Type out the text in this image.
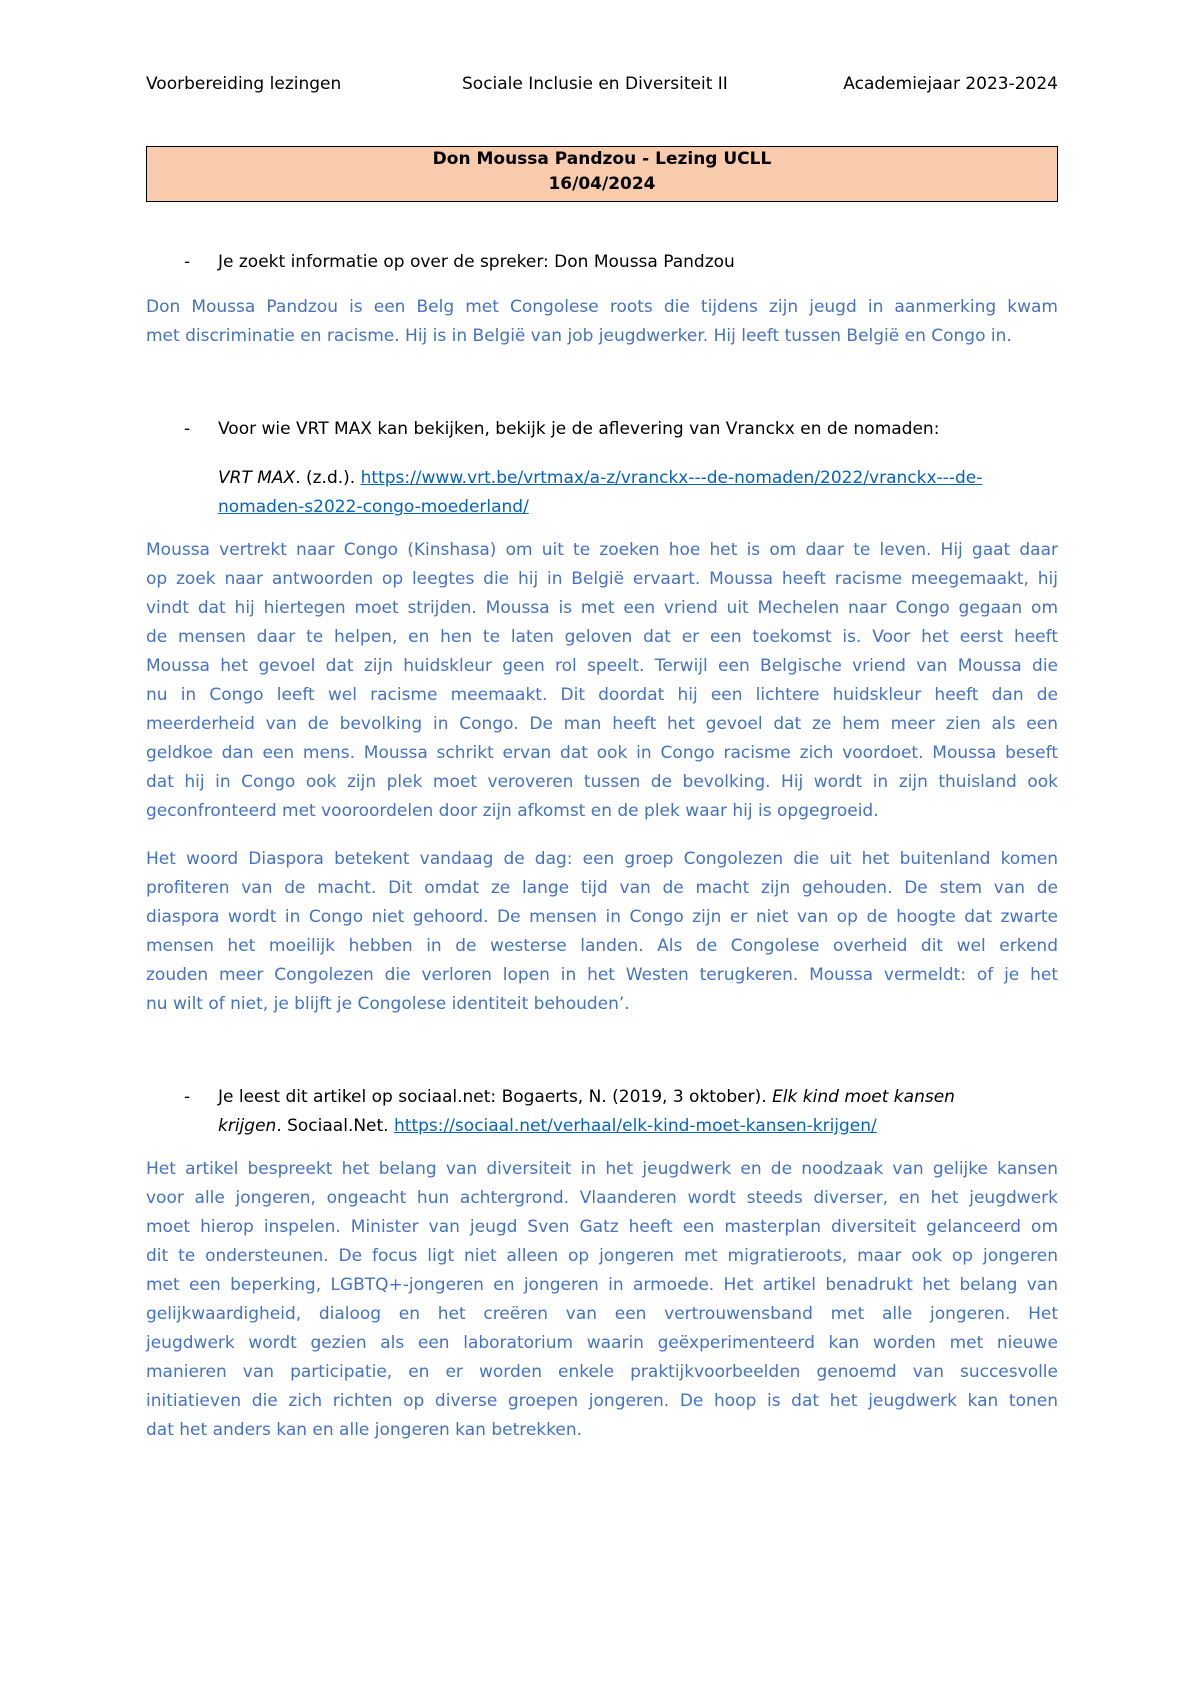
Voorbereiding lezingen	Sociale Inclusie en Diversiteit II	Academiejaar 2023-2024
Don Moussa Pandzou - Lezing UCLL
16/04/2024
- Je zoekt informatie op over de spreker: Don Moussa Pandzou
Don Moussa Pandzou is een Belg met Congolese roots die tijdens zijn jeugd in aanmerking kwam
met discriminatie en racisme. Hij is in België van job jeugdwerker. Hij leeft tussen België en Congo in.
- Voor wie VRT MAX kan bekijken, bekijk je de aflevering van Vranckx en de nomaden:
VRT MAX. (z.d.). https://www.vrt.be/vrtmax/a-z/vranckx---de-nomaden/2022/vranckx---de-
nomaden-s2022-congo-moederland/
Moussa vertrekt naar Congo (Kinshasa) om uit te zoeken hoe het is om daar te leven. Hij gaat daar
op zoek naar antwoorden op leegtes die hij in België ervaart. Moussa heeft racisme meegemaakt, hij
vindt dat hij hiertegen moet strijden. Moussa is met een vriend uit Mechelen naar Congo gegaan om
de mensen daar te helpen, en hen te laten geloven dat er een toekomst is. Voor het eerst heeft
Moussa het gevoel dat zijn huidskleur geen rol speelt. Terwijl een Belgische vriend van Moussa die
nu in Congo leeft wel racisme meemaakt. Dit doordat hij een lichtere huidskleur heeft dan de
meerderheid van de bevolking in Congo. De man heeft het gevoel dat ze hem meer zien als een
geldkoe dan een mens. Moussa schrikt ervan dat ook in Congo racisme zich voordoet. Moussa beseft
dat hij in Congo ook zijn plek moet veroveren tussen de bevolking. Hij wordt in zijn thuisland ook
geconfronteerd met vooroordelen door zijn afkomst en de plek waar hij is opgegroeid.
Het woord Diaspora betekent vandaag de dag: een groep Congolezen die uit het buitenland komen
profiteren van de macht. Dit omdat ze lange tijd van de macht zijn gehouden. De stem van de
diaspora wordt in Congo niet gehoord. De mensen in Congo zijn er niet van op de hoogte dat zwarte
mensen het moeilijk hebben in de westerse landen. Als de Congolese overheid dit wel erkend
zouden meer Congolezen die verloren lopen in het Westen terugkeren. Moussa vermeldt: of je het
nu wilt of niet, je blijft je Congolese identiteit behouden’.
- Je leest dit artikel op sociaal.net: Bogaerts, N. (2019, 3 oktober). Elk kind moet kansen
krijgen. Sociaal.Net. https://sociaal.net/verhaal/elk-kind-moet-kansen-krijgen/
Het artikel bespreekt het belang van diversiteit in het jeugdwerk en de noodzaak van gelijke kansen
voor alle jongeren, ongeacht hun achtergrond. Vlaanderen wordt steeds diverser, en het jeugdwerk
moet hierop inspelen. Minister van jeugd Sven Gatz heeft een masterplan diversiteit gelanceerd om
dit te ondersteunen. De focus ligt niet alleen op jongeren met migratieroots, maar ook op jongeren
met een beperking, LGBTQ+-jongeren en jongeren in armoede. Het artikel benadrukt het belang van
gelijkwaardigheid, dialoog en het creëren van een vertrouwensband met alle jongeren. Het
jeugdwerk wordt gezien als een laboratorium waarin geëxperimenteerd kan worden met nieuwe
manieren van participatie, en er worden enkele praktijkvoorbeelden genoemd van succesvolle
initiatieven die zich richten op diverse groepen jongeren. De hoop is dat het jeugdwerk kan tonen
dat het anders kan en alle jongeren kan betrekken.
